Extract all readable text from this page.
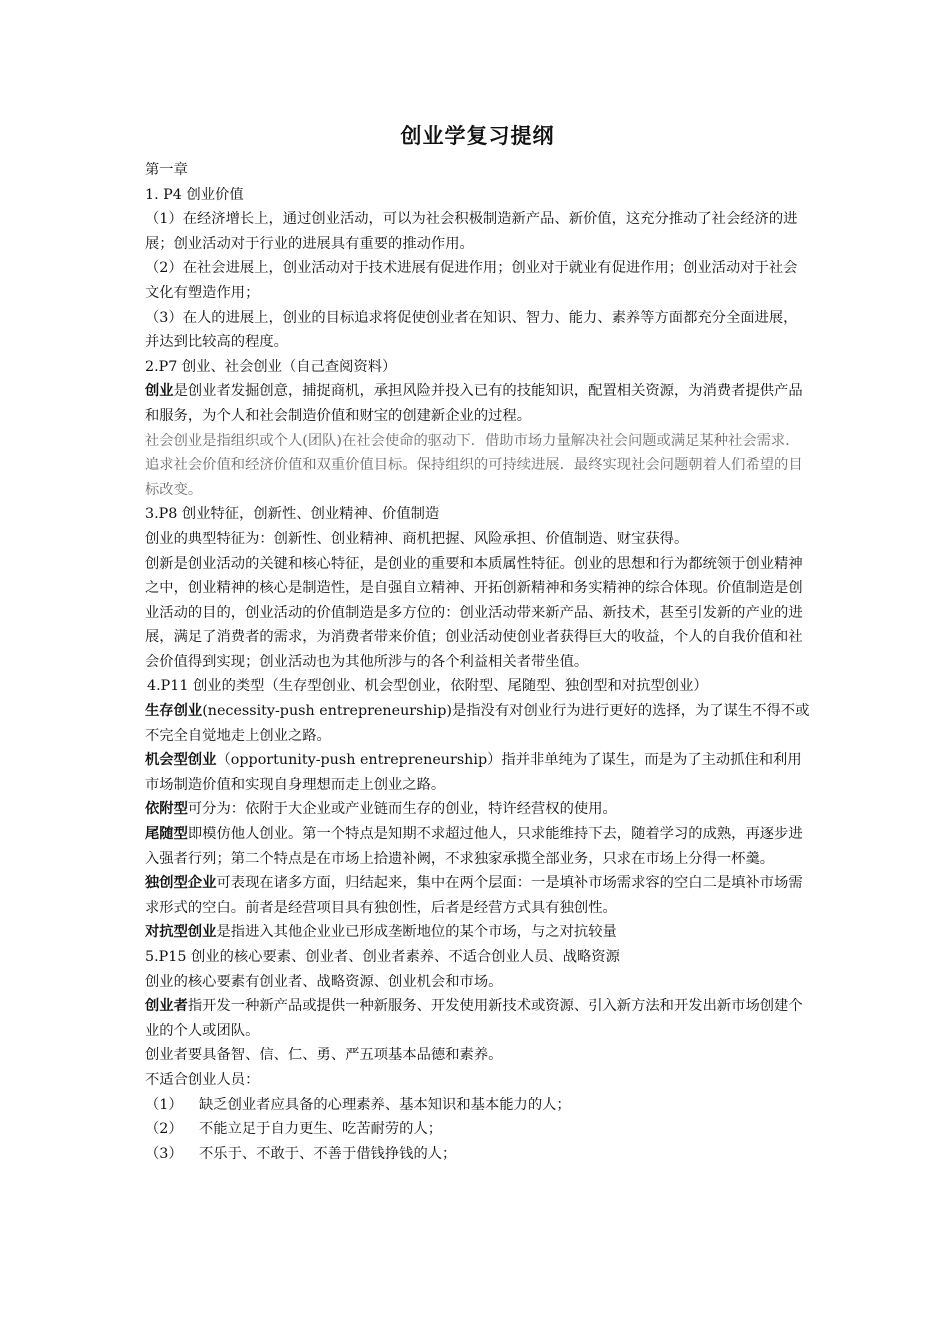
创业学复习提纲

第一章

1. P4 创业价值

（1）在经济增长上，通过创业活动，可以为社会积极制造新产品、新价值，这充分推动了社会经济的进展；创业活动对于行业的进展具有重要的推动作用。

（2）在社会进展上，创业活动对于技术进展有促进作用；创业对于就业有促进作用；创业活动对于社会文化有塑造作用；

（3）在人的进展上，创业的目标追求将促使创业者在知识、智力、能力、素养等方面都充分全面进展，并达到比较高的程度。

2.P7 创业、社会创业（自己查阅资料）

创业是创业者发掘创意，捕捉商机，承担风险并投入已有的技能知识，配置相关资源，为消费者提供产品和服务，为个人和社会制造价值和财宝的创建新企业的过程。

社会创业是指组织或个人(团队)在社会使命的驱动下．借助市场力量解决社会问题或满足某种社会需求．追求社会价值和经济价值和双重价值目标。保持组织的可持续进展．最终实现社会问题朝着人们希望的目标改变。

3.P8 创业特征，创新性、创业精神、价值制造

创业的典型特征为：创新性、创业精神、商机把握、风险承担、价值制造、财宝获得。

创新是创业活动的关键和核心特征，是创业的重要和本质属性特征。创业的思想和行为都统领于创业精神之中，创业精神的核心是制造性，是自强自立精神、开拓创新精神和务实精神的综合体现。价值制造是创业活动的目的，创业活动的价值制造是多方位的：创业活动带来新产品、新技术，甚至引发新的产业的进展，满足了消费者的需求，为消费者带来价值；创业活动使创业者获得巨大的收益，个人的自我价值和社会价值得到实现；创业活动也为其他所涉与的各个利益相关者带坐值。

4.P11 创业的类型（生存型创业、机会型创业，依附型、尾随型、独创型和对抗型创业）

生存创业(necessity-push entrepreneurship)是指没有对创业行为进行更好的选择，为了谋生不得不或不完全自觉地走上创业之路。

机会型创业（opportunity-push entrepreneurship）指并非单纯为了谋生，而是为了主动抓住和利用市场制造价值和实现自身理想而走上创业之路。

依附型可分为：依附于大企业或产业链而生存的创业，特许经营权的使用。

尾随型即模仿他人创业。第一个特点是知期不求超过他人，只求能维持下去，随着学习的成熟，再逐步进入强者行列；第二个特点是在市场上拾遗补阙，不求独家承揽全部业务，只求在市场上分得一杯羹。

独创型企业可表现在诸多方面，归结起来，集中在两个层面：一是填补市场需求容的空白二是填补市场需求形式的空白。前者是经营项目具有独创性，后者是经营方式具有独创性。

对抗型创业是指进入其他企业业已形成垄断地位的某个市场，与之对抗较量

5.P15 创业的核心要素、创业者、创业者素养、不适合创业人员、战略资源

创业的核心要素有创业者、战略资源、创业机会和市场。

创业者指开发一种新产品或提供一种新服务、开发使用新技术或资源、引入新方法和开发出新市场创建个业的个人或团队。

创业者要具备智、信、仁、勇、严五项基本品德和素养。

不适合创业人员：

（1）	缺乏创业者应具备的心理素养、基本知识和基本能力的人；

（2）	不能立足于自力更生、吃苦耐劳的人；

（3）	不乐于、不敢于、不善于借钱挣钱的人；
